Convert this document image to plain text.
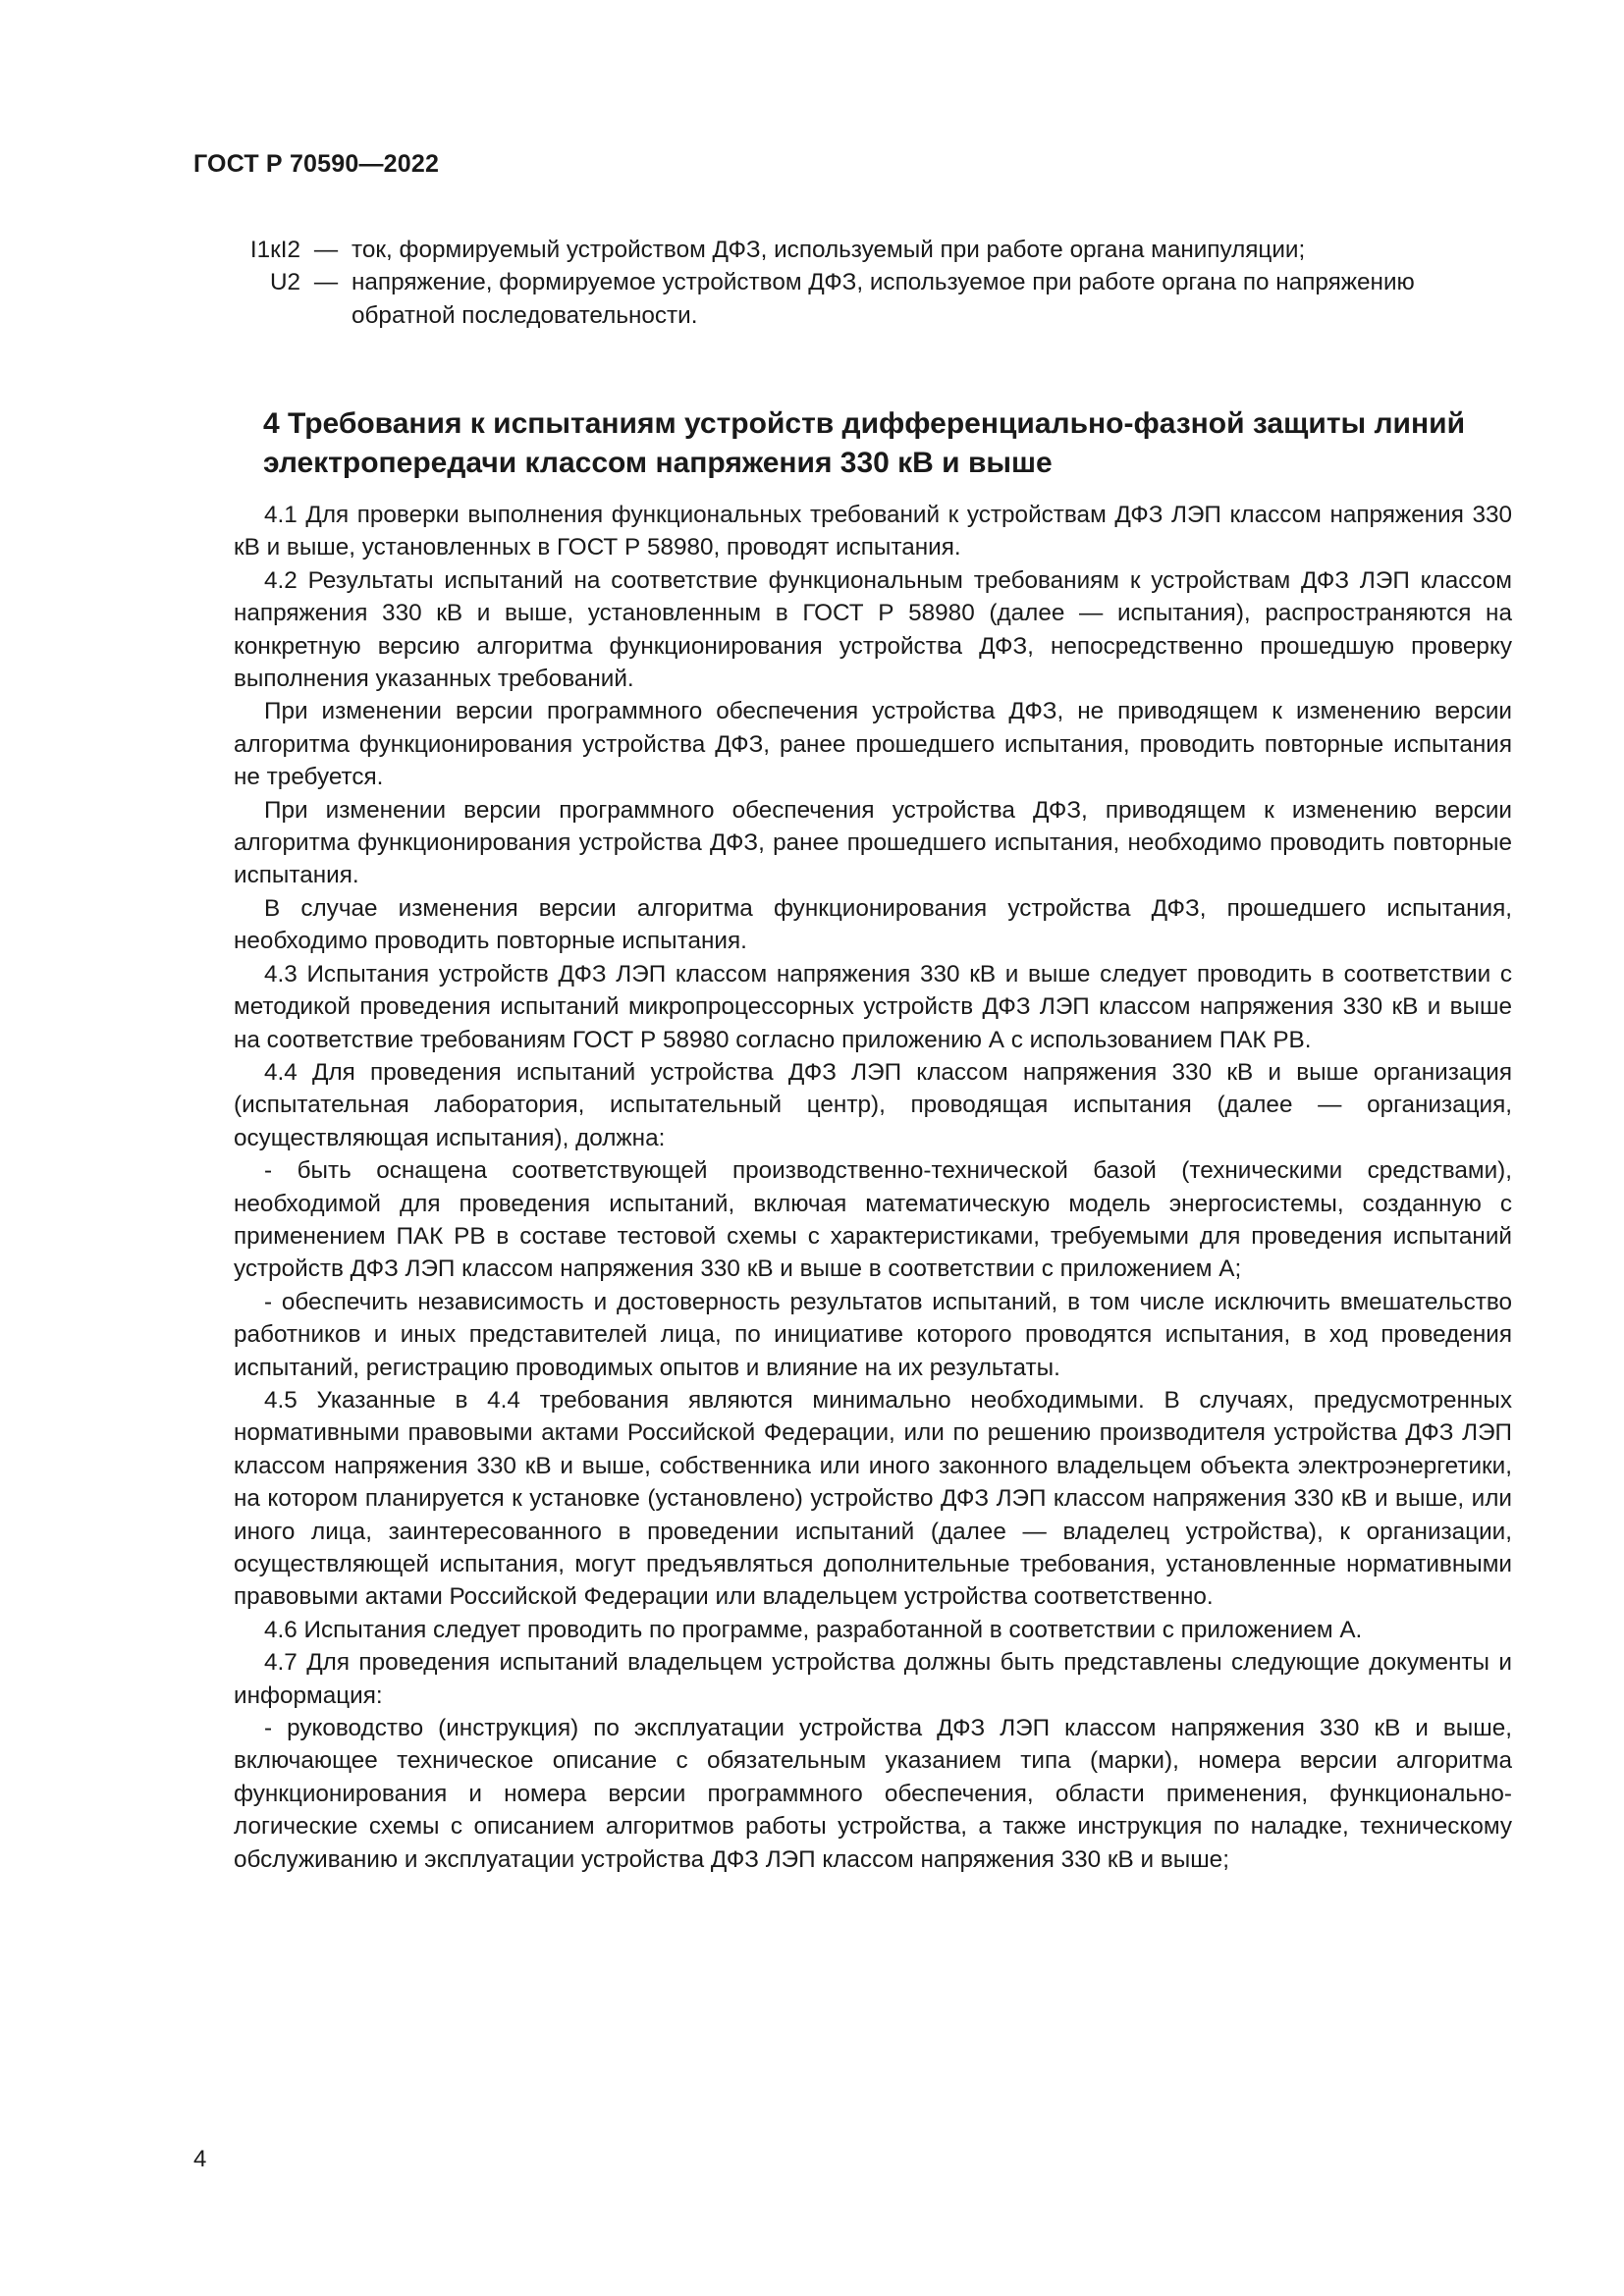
ГОСТ Р 70590—2022
I1кI2 — ток, формируемый устройством ДФЗ, используемый при работе органа манипуляции;
U2 — напряжение, формируемое устройством ДФЗ, используемое при работе органа по напряжению обратной последовательности.
4 Требования к испытаниям устройств дифференциально-фазной защиты линий электропередачи классом напряжения 330 кВ и выше

4.1 Для проверки выполнения функциональных требований к устройствам ДФЗ ЛЭП классом напряжения 330 кВ и выше, установленных в ГОСТ Р 58980, проводят испытания.

4.2 Результаты испытаний на соответствие функциональным требованиям к устройствам ДФЗ ЛЭП классом напряжения 330 кВ и выше, установленным в ГОСТ Р 58980 (далее — испытания), распространяются на конкретную версию алгоритма функционирования устройства ДФЗ, непосредственно прошедшую проверку выполнения указанных требований.

При изменении версии программного обеспечения устройства ДФЗ, не приводящем к изменению версии алгоритма функционирования устройства ДФЗ, ранее прошедшего испытания, проводить повторные испытания не требуется.

При изменении версии программного обеспечения устройства ДФЗ, приводящем к изменению версии алгоритма функционирования устройства ДФЗ, ранее прошедшего испытания, необходимо проводить повторные испытания.

В случае изменения версии алгоритма функционирования устройства ДФЗ, прошедшего испытания, необходимо проводить повторные испытания.

4.3 Испытания устройств ДФЗ ЛЭП классом напряжения 330 кВ и выше следует проводить в соответствии с методикой проведения испытаний микропроцессорных устройств ДФЗ ЛЭП классом напряжения 330 кВ и выше на соответствие требованиям ГОСТ Р 58980 согласно приложению А с использованием ПАК РВ.

4.4 Для проведения испытаний устройства ДФЗ ЛЭП классом напряжения 330 кВ и выше организация (испытательная лаборатория, испытательный центр), проводящая испытания (далее — организация, осуществляющая испытания), должна:

- быть оснащена соответствующей производственно-технической базой (техническими средствами), необходимой для проведения испытаний, включая математическую модель энергосистемы, созданную с применением ПАК РВ в составе тестовой схемы с характеристиками, требуемыми для проведения испытаний устройств ДФЗ ЛЭП классом напряжения 330 кВ и выше в соответствии с приложением А;

- обеспечить независимость и достоверность результатов испытаний, в том числе исключить вмешательство работников и иных представителей лица, по инициативе которого проводятся испытания, в ход проведения испытаний, регистрацию проводимых опытов и влияние на их результаты.

4.5 Указанные в 4.4 требования являются минимально необходимыми. В случаях, предусмотренных нормативными правовыми актами Российской Федерации, или по решению производителя устройства ДФЗ ЛЭП классом напряжения 330 кВ и выше, собственника или иного законного владельцем объекта электроэнергетики, на котором планируется к установке (установлено) устройство ДФЗ ЛЭП классом напряжения 330 кВ и выше, или иного лица, заинтересованного в проведении испытаний (далее — владелец устройства), к организации, осуществляющей испытания, могут предъявляться дополнительные требования, установленные нормативными правовыми актами Российской Федерации или владельцем устройства соответственно.

4.6 Испытания следует проводить по программе, разработанной в соответствии с приложением А.

4.7 Для проведения испытаний владельцем устройства должны быть представлены следующие документы и информация:

- руководство (инструкция) по эксплуатации устройства ДФЗ ЛЭП классом напряжения 330 кВ и выше, включающее техническое описание с обязательным указанием типа (марки), номера версии алгоритма функционирования и номера версии программного обеспечения, области применения, функционально-логические схемы с описанием алгоритмов работы устройства, а также инструкция по наладке, техническому обслуживанию и эксплуатации устройства ДФЗ ЛЭП классом напряжения 330 кВ и выше;

4
